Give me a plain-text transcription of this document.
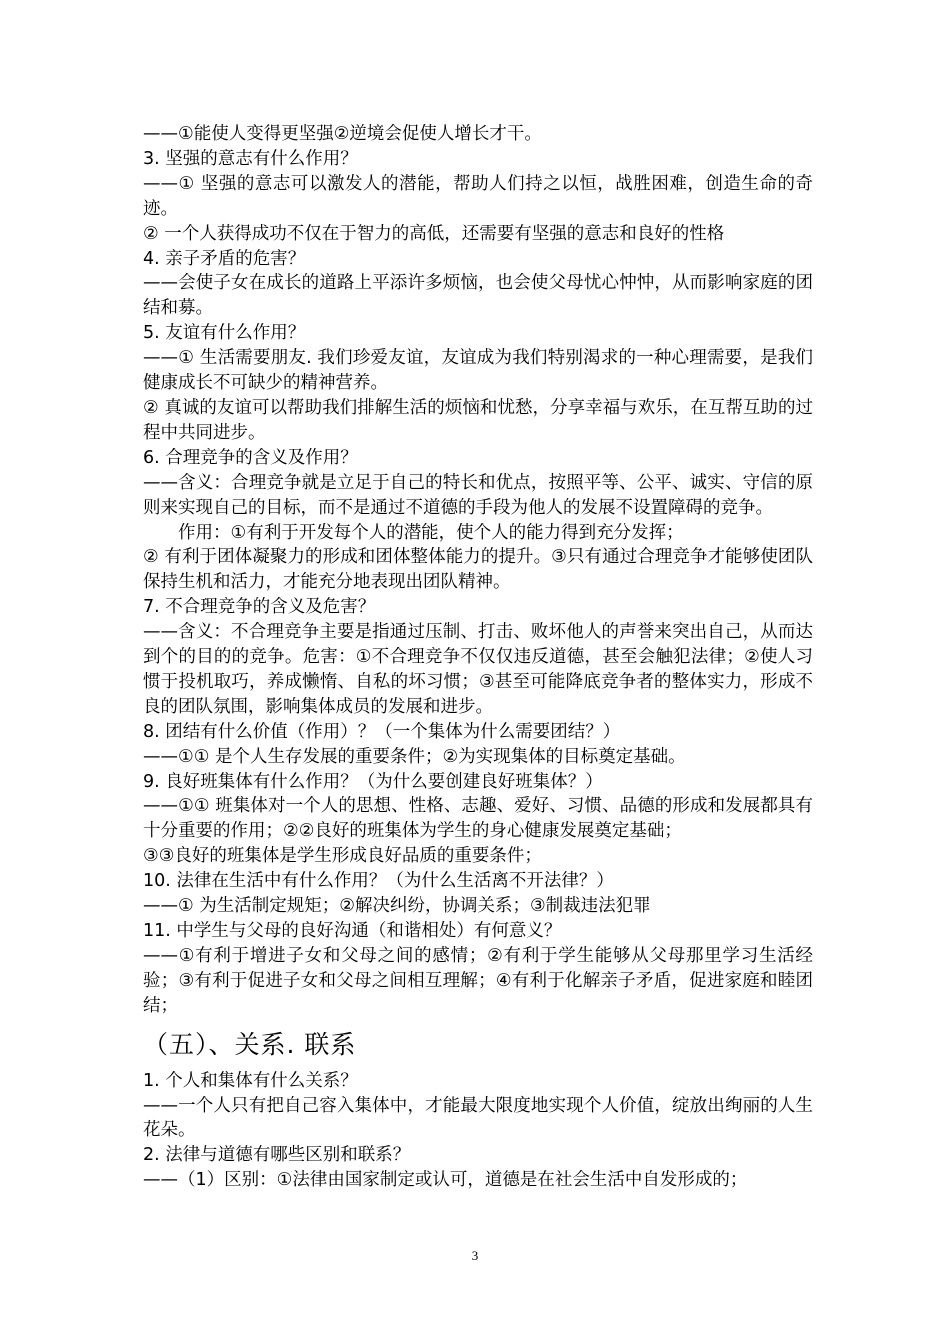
——①能使人变得更坚强②逆境会促使人增长才干。

3. 坚强的意志有什么作用？

——① 坚强的意志可以激发人的潜能，帮助人们持之以恒，战胜困难，创造生命的奇迹。

② 一个人获得成功不仅在于智力的高低，还需要有坚强的意志和良好的性格

4. 亲子矛盾的危害？

——会使子女在成长的道路上平添许多烦恼，也会使父母忧心忡忡，从而影响家庭的团结和募。

5. 友谊有什么作用？

——① 生活需要朋友. 我们珍爱友谊，友谊成为我们特别渴求的一种心理需要，是我们健康成长不可缺少的精神营养。

② 真诚的友谊可以帮助我们排解生活的烦恼和忧愁，分享幸福与欢乐，在互帮互助的过程中共同进步。

6. 合理竞争的含义及作用？

——含义：合理竞争就是立足于自己的特长和优点，按照平等、公平、诚实、守信的原则来实现自己的目标，而不是通过不道德的手段为他人的发展不设置障碍的竞争。

作用：①有利于开发每个人的潜能，使个人的能力得到充分发挥；

② 有利于团体凝聚力的形成和团体整体能力的提升。③只有通过合理竞争才能够使团队保持生机和活力，才能充分地表现出团队精神。

7. 不合理竞争的含义及危害？

——含义：不合理竞争主要是指通过压制、打击、败坏他人的声誉来突出自己，从而达到个的目的的竞争。危害：①不合理竞争不仅仅违反道德，甚至会触犯法律；②使人习惯于投机取巧，养成懒惰、自私的坏习惯；③甚至可能降底竞争者的整体实力，形成不良的团队氛围，影响集体成员的发展和进步。

8. 团结有什么价值（作用）？（一个集体为什么需要团结？）

——①① 是个人生存发展的重要条件；②为实现集体的目标奠定基础。

9. 良好班集体有什么作用？（为什么要创建良好班集体？）

——①① 班集体对一个人的思想、性格、志趣、爱好、习惯、品德的形成和发展都具有十分重要的作用；②②良好的班集体为学生的身心健康发展奠定基础；

③③良好的班集体是学生形成良好品质的重要条件；

10. 法律在生活中有什么作用？（为什么生活离不开法律？）

——① 为生活制定规矩；②解决纠纷，协调关系；③制裁违法犯罪

11. 中学生与父母的良好沟通（和谐相处）有何意义？

——①有利于增进子女和父母之间的感情；②有利于学生能够从父母那里学习生活经验；③有利于促进子女和父母之间相互理解；④有利于化解亲子矛盾，促进家庭和睦团结；

（五）、关系. 联系

1. 个人和集体有什么关系？

——一个人只有把自己容入集体中，才能最大限度地实现个人价值，绽放出绚丽的人生花朵。

2. 法律与道德有哪些区别和联系？

——（1）区别：①法律由国家制定或认可，道德是在社会生活中自发形成的；

3
